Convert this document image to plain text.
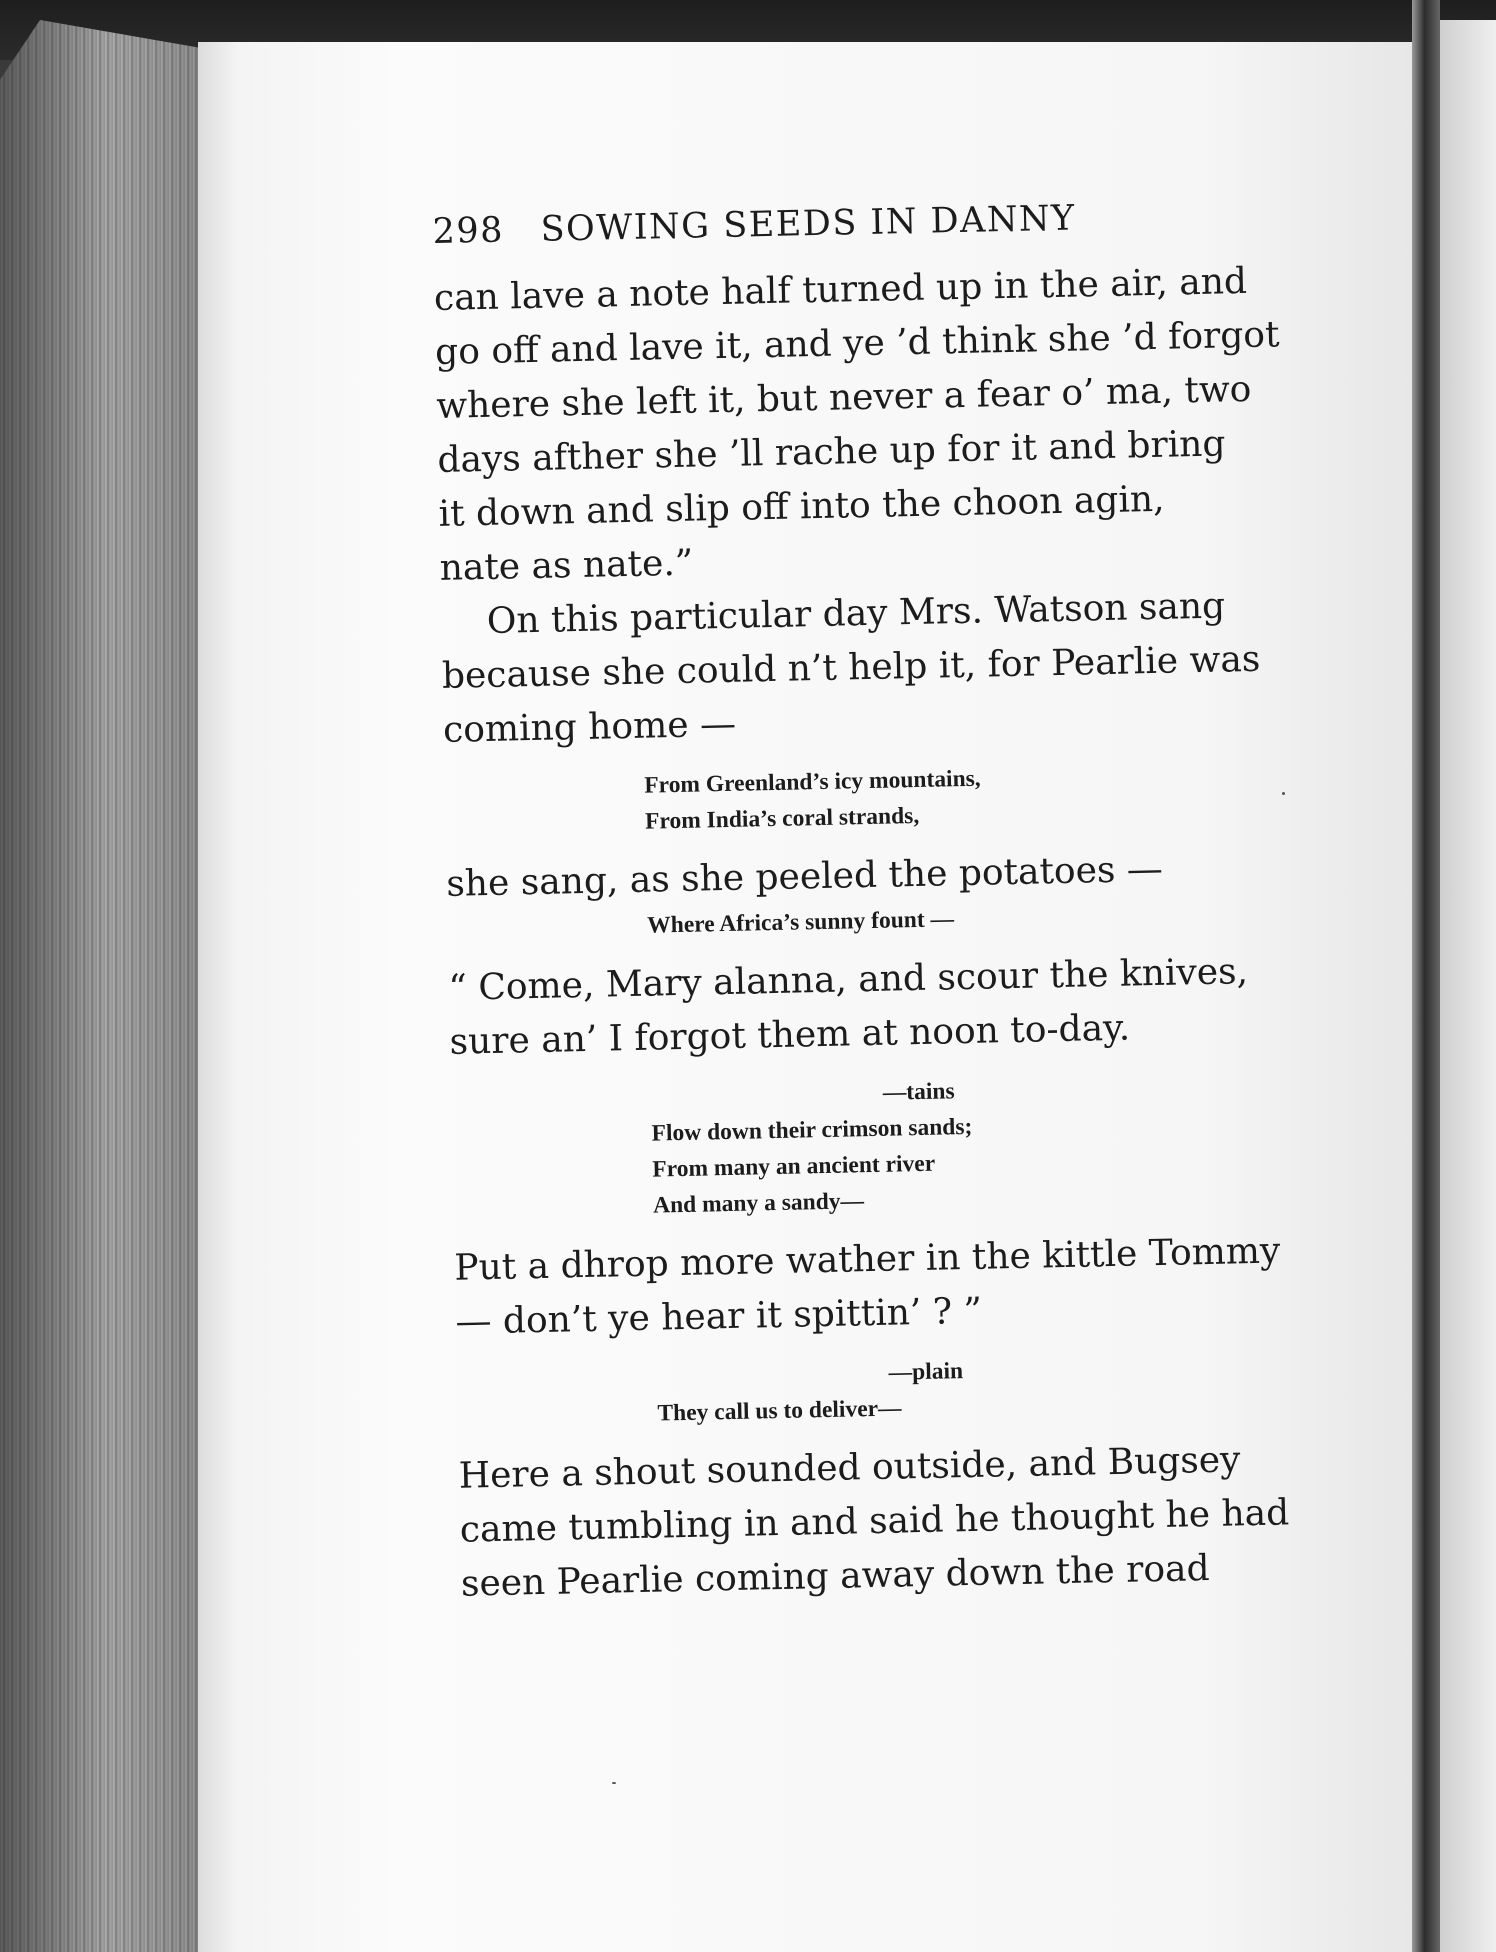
298 SOWING SEEDS IN DANNY
can lave a note half turned up in the air, and
go off and lave it, and ye ’d think she ’d forgot
where she left it, but never a fear o’ ma, two
days afther she ’ll rache up for it and bring
it down and slip off into the choon agin,
nate as nate.”
On this particular day Mrs. Watson sang
because she could n’t help it, for Pearlie was
coming home —
From Greenland’s icy mountains,
From India’s coral strands,
she sang, as she peeled the potatoes —
Where Africa’s sunny fount —
“ Come, Mary alanna, and scour the knives,
sure an’ I forgot them at noon to-day.
—tains
Flow down their crimson sands;
From many an ancient river
And many a sandy—
Put a dhrop more wather in the kittle Tommy
— don’t ye hear it spittin’ ? ”
—plain
They call us to deliver—
Here a shout sounded outside, and Bugsey
came tumbling in and said he thought he had
seen Pearlie coming away down the road
